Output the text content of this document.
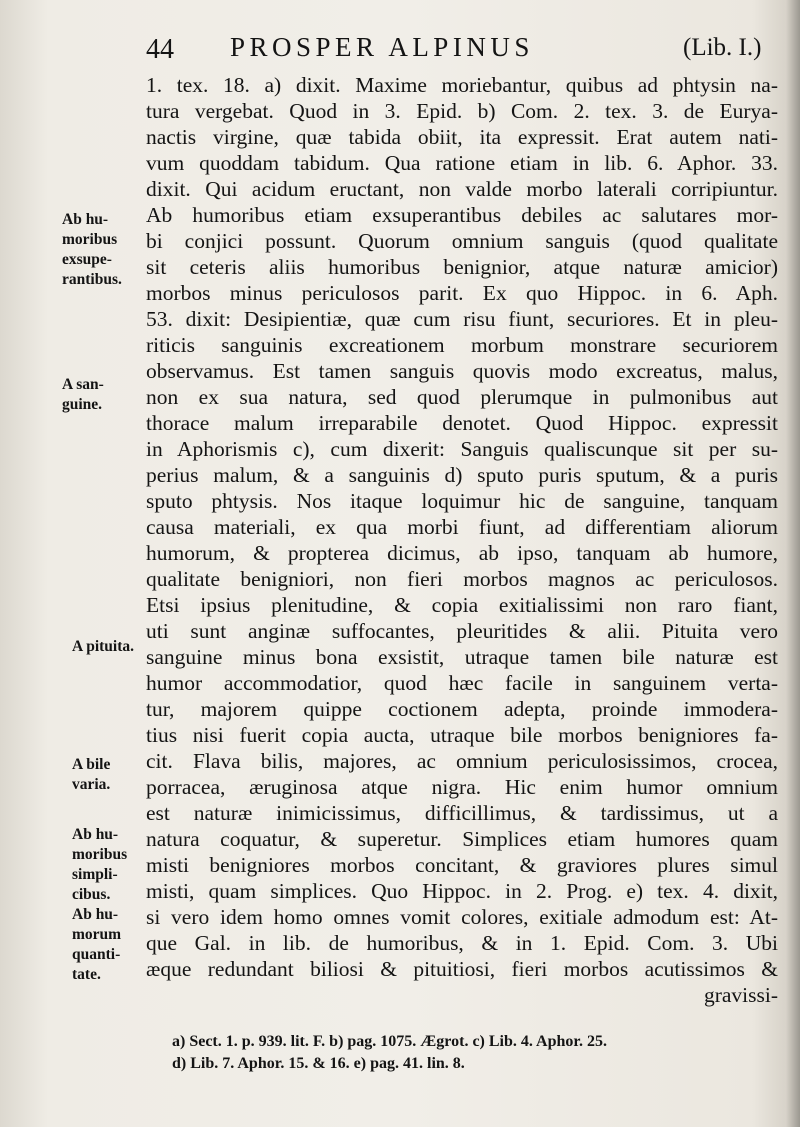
44 PROSPER ALPINUS	(Lib. I.)
1. tex. 18. a) dixit. Maxime moriebantur, quibus ad phtysin na-
tura vergebat. Quod in 3. Epid. b) Com. 2. tex. 3. de Eurya-
nactis virgine, quæ tabida obiit, ita expressit. Erat autem nati-
vum quoddam tabidum. Qua ratione etiam in lib. 6. Aphor. 33.
dixit. Qui acidum eructant, non valde morbo laterali corripiuntur.
Ab humoribus etiam exsuperantibus debiles ac salutares mor-
bi conjici possunt. Quorum omnium sanguis (quod qualitate
sit ceteris aliis humoribus benignior, atque naturæ amicior)
morbos minus periculosos parit. Ex quo Hippoc. in 6. Aph.
53. dixit: Desipientiæ, quæ cum risu fiunt, securiores. Et in pleu-
riticis sanguinis excreationem morbum monstrare securiorem
observamus. Est tamen sanguis quovis modo excreatus, malus,
non ex sua natura, sed quod plerumque in pulmonibus aut
thorace malum irreparabile denotet. Quod Hippoc. expressit
in Aphorismis c), cum dixerit: Sanguis qualiscunque sit per su-
perius malum, & a sanguinis d) sputo puris sputum, & a puris
sputo phtysis. Nos itaque loquimur hic de sanguine, tanquam
causa materiali, ex qua morbi fiunt, ad differentiam aliorum
humorum, & propterea dicimus, ab ipso, tanquam ab humore,
qualitate benigniori, non fieri morbos magnos ac periculosos.
Etsi ipsius plenitudine, & copia exitialissimi non raro fiant,
uti sunt anginæ suffocantes, pleuritides & alii. Pituita vero
sanguine minus bona exsistit, utraque tamen bile naturæ est
humor accommodatior, quod hæc facile in sanguinem verta-
tur, majorem quippe coctionem adepta, proinde immodera-
tius nisi fuerit copia aucta, utraque bile morbos benigniores fa-
cit. Flava bilis, majores, ac omnium periculosissimos, crocea,
porracea, æruginosa atque nigra. Hic enim humor omnium
est naturæ inimicissimus, difficillimus, & tardissimus, ut a
natura coquatur, & superetur. Simplices etiam humores quam
misti benigniores morbos concitant, & graviores plures simul
misti, quam simplices. Quo Hippoc. in 2. Prog. e) tex. 4. dixit,
si vero idem homo omnes vomit colores, exitiale admodum est: At-
que Gal. in lib. de humoribus, & in 1. Epid. Com. 3. Ubi
æque redundant biliosi & pituitiosi, fieri morbos acutissimos &
gravissi-
Ab hu-
moribus
exsupe-
rantibus.
A san-
guine.
A pituita.
A bile
varia.
Ab hu-
moribus
simpli-
cibus.
Ab hu-
morum
quanti-
tate.
a) Sect. 1. p. 939. lit. F. b) pag. 1075. Ægrot. c) Lib. 4. Aphor. 25.
d) Lib. 7. Aphor. 15. & 16. e) pag. 41. lin. 8.
